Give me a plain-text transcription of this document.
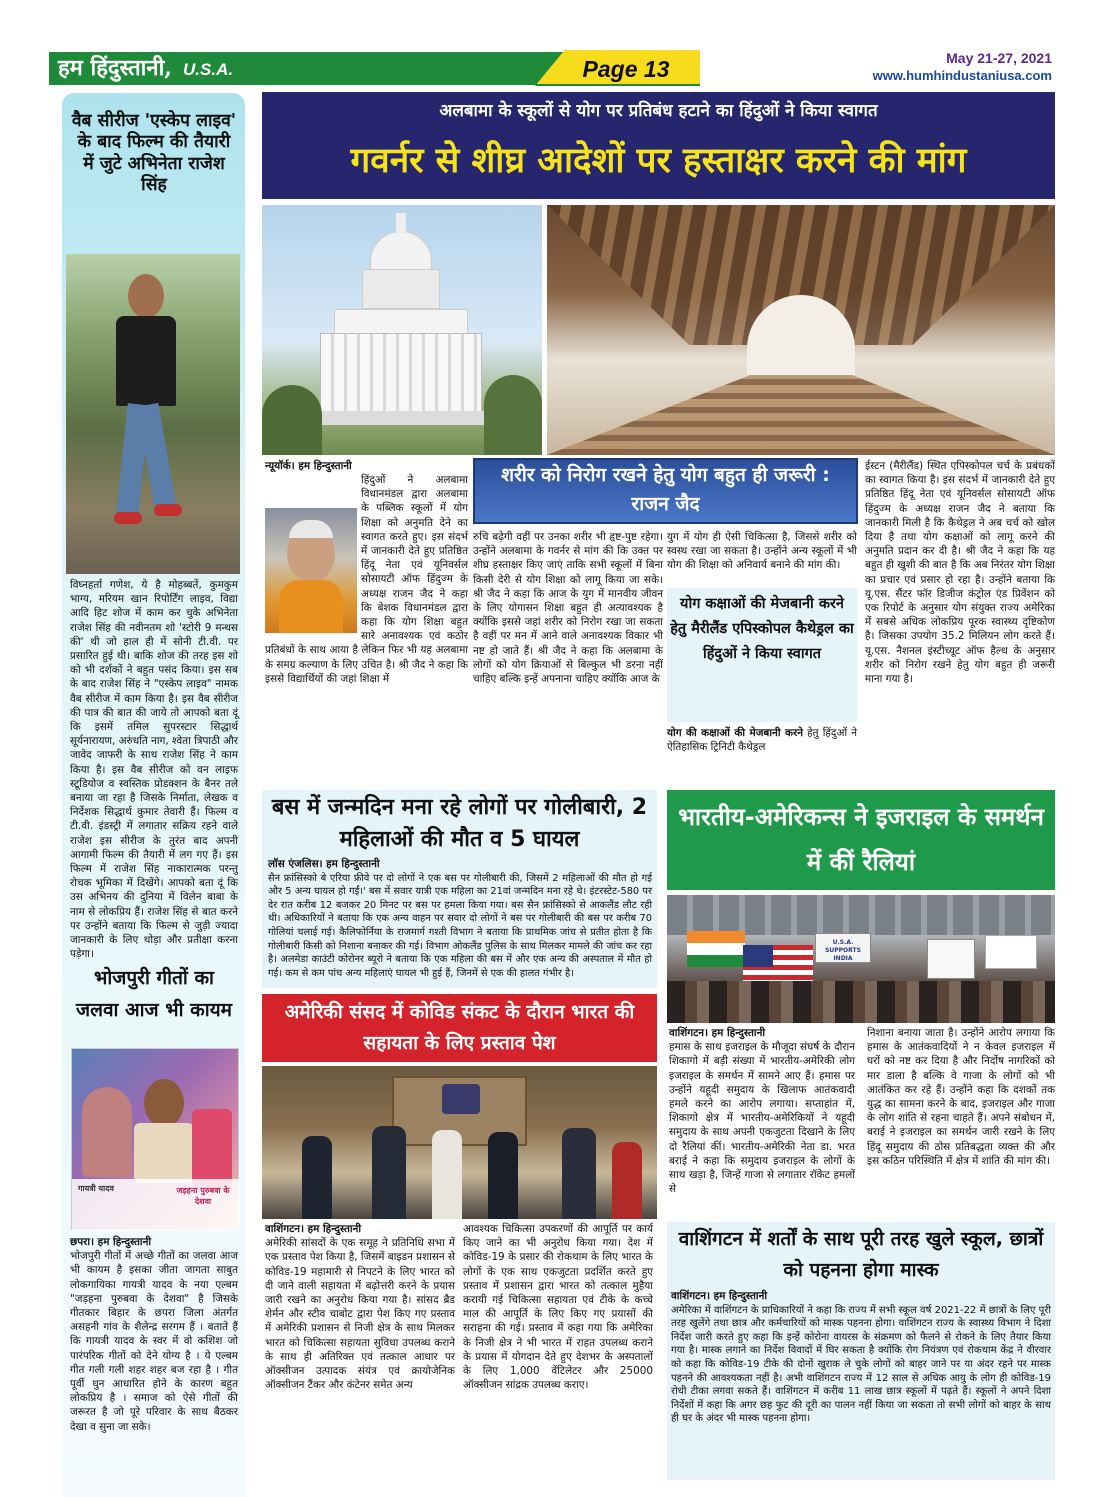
हम हिंदुस्तानी, U.S.A.	Page 13	May 21-27, 2021
www.humhindustaniusa.com
वैब सीरीज 'एस्केप लाइव' के बाद फिल्म की तैयारी में जुटे अभिनेता राजेश सिंह
विघ्नहर्ता गणेश, ये है मोहब्बतें, कुमकुम भाग्य, मरियम खान रिपोर्टिंग लाइव, विद्या आदि हिट शोज में काम कर चुके अभिनेता राजेश सिंह की नवीनतम शो 'स्टोरी 9 मन्थस की' थी जो हाल ही में सोनी टी.वी. पर प्रसारित हुई थी। बाकि शोज की तरह इस शो को भी दर्शकों ने बहुत पसंद किया। इस सब के बाद राजेश सिंह ने "एस्केप लाइव" नामक वैब सीरीज में काम किया है। इस वैब सीरीज की पात्र की बात की जाये तो आपको बता दूं कि इसमें तमिल सुपरस्टार सिद्धार्थ सूर्यनारायण, अरुंधति नाग, श्वेता त्रिपाठी और जावेद जाफरी के साथ राजेश सिंह ने काम किया है। इस वैब सीरीज को वन लाइफ स्टूडियोज व स्वस्तिक प्रोडक्शन के बैनर तले बनाया जा रहा है जिसके निर्माता, लेखक व निर्देशक सिद्धार्थ कुमार तेवारी हैं। फिल्म व टी.वी. इंडस्ट्री में लगातार सक्रिय रहने वाले राजेश इस सीरीज के तुरंत बाद अपनी आगामी फिल्म की तैयारी में लग गए हैं। इस फिल्म में राजेश सिंह नाकारात्मक परन्तु रोचक भूमिका में दिखेंगे। आपको बता दूं कि उस अभिनय की दुनिया में विलेन बाबा के नाम से लोकप्रिय हैं। राजेश सिंह से बात करने पर उन्होंने बताया कि फिल्म से जुड़ी ज्यादा जानकारी के लिए थोड़ा और प्रतीक्षा करना पड़ेगा।
भोजपुरी गीतों का जलवा आज भी कायम
गायत्री यादव	जड़हना पुरुबवा के देशवा
छपरा। हम हिन्दुस्तानी
भोजपुरी गीतों में अच्छे गीतों का जलवा आज भी कायम है इसका जीता जागता साबुत लोकगायिका गायत्री यादव के नया एल्बम "जड़हना पुरुबवा के देशवा" है जिसके गीतकार बिहार के छपरा जिला अंतर्गत असहनी गांव के शैलेन्द्र सरगम हैं । बताते हैं कि गायत्री यादव के स्वर में वो कशिश जो पारंपरिक गीतों को देने योग्य है । ये एल्बम गीत गली गली शहर शहर बज रहा है । गीत पूर्वी धुन आधारित होने के कारण बहुत लोकप्रिय है । समाज को ऐसे गीतों की जरूरत है जो पूरे परिवार के साथ बैठकर देखा व सुना जा सके।
अलबामा के स्कूलों से योग पर प्रतिबंध हटाने का हिंदुओं ने किया स्वागत
गवर्नर से शीघ्र आदेशों पर हस्ताक्षर करने की मांग
न्यूयॉर्क। हम हिन्दुस्तानी
हिंदुओं ने अलबामा विधानमंडल द्वारा अलबामा के पब्लिक स्कूलों में योग शिक्षा को अनुमति देने का स्वागत करते हुए। इस संदर्भ में जानकारी देते हुए प्रतिष्ठित हिंदू नेता एवं यूनिवर्सल सोसायटी ऑफ हिंदुज्म के अध्यक्ष राजन जैद ने कहा कि बेशक विधानमंडल द्वारा कहा कि योग शिक्षा बहुत सारे अनावश्यक एवं कठोर प्रतिबंधों के साथ आया है लेकिन फिर भी यह अलबामा के समग्र कल्याण के लिए उचित है। श्री जैद ने कहा कि इससे विद्यार्थियों की जहां शिक्षा में
शरीर को निरोग रखने हेतु योग बहुत ही जरूरी : राजन जैद
रुचि बढ़ेगी वहीं पर उनका शरीर भी हृष्ट-पुष्ट रहेगा। उन्होंने अलबामा के गवर्नर से मांग की कि उक्त पर शीघ्र हस्ताक्षर किए जाएं ताकि सभी स्कूलों में बिना किसी देरी से योग शिक्षा को लागू किया जा सके। श्री जैद ने कहा कि आज के युग में मानवीय जीवन के लिए योगासन शिक्षा बहुत ही अत्यावश्यक है क्योंकि इससे जहां शरीर को निरोग रखा जा सकता है वहीं पर मन में आने वाले अनावश्यक विकार भी नष्ट हो जाते हैं। श्री जैद ने कहा कि अलबामा के लोगों को योग क्रियाओं से बिल्कुल भी डरना नहीं चाहिए बल्कि इन्हें अपनाना चाहिए क्योंकि आज के
युग में योग ही ऐसी चिकित्सा है, जिससे शरीर को स्वस्थ रखा जा सकता है। उन्होंने अन्य स्कूलों में भी योग की शिक्षा को अनिवार्य बनाने की मांग की।
योग कक्षाओं की मेजबानी करने हेतु मैरीलैंड एपिस्कोपल कैथेड्रल का हिंदुओं ने किया स्वागत
योग की कक्षाओं की मेजबानी करने हेतु हिंदुओं ने ऐतिहासिक ट्रिनिटी कैथेड्रल
ईस्टन (मैरीलैंड) स्थित एपिस्कोपल चर्च के प्रबंधकों का स्वागत किया है। इस संदर्भ में जानकारी देते हुए प्रतिष्ठित हिंदू नेता एवं यूनिवर्सल सोसायटी ऑफ हिंदुज्म के अध्यक्ष राजन जैद ने बताया कि जानकारी मिली है कि कैथेड्रल ने अब चर्च को खोल दिया है तथा योग कक्षाओं को लागू करने की अनुमति प्रदान कर दी है। श्री जैद ने कहा कि यह बहुत ही खुशी की बात है कि अब निरंतर योग शिक्षा का प्रचार एवं प्रसार हो रहा है। उन्होंने बताया कि यू.एस. सैंटर फॉर डिजीज कंट्रोल एंड प्रिवेंशन को एक रिपोर्ट के अनुसार योग संयुक्त राज्य अमेरिका में सबसे अधिक लोकप्रिय पूरक स्वास्थ्य दृष्टिकोण है। जिसका उपयोग 35.2 मिलियन लोग करते हैं। यू.एस. नैशनल इंस्टीच्यूट ऑफ हैल्थ के अनुसार शरीर को निरोग रखने हेतु योग बहुत ही जरूरी माना गया है।
बस में जन्मदिन मना रहे लोगों पर गोलीबारी, 2 महिलाओं की मौत व 5 घायल
लॉस एंजलिस। हम हिन्दुस्तानी
सैन फ्रांसिस्को बे एरिया फ्रीवे पर दो लोगों ने एक बस पर गोलीबारी की, जिसमें 2 महिलाओं की मौत हो गई और 5 अन्य घायल हो गईं।' बस में सवार यात्री एक महिला का 21वां जन्मदिन मना रहे थे। इंटरस्टेट-580 पर देर रात करीब 12 बजकर 20 मिनट पर बस पर हमला किया गया। बस सैन फ्रांसिस्को से आकलैंड लौट रही थी। अधिकारियों ने बताया कि एक अन्य वाहन पर सवार दो लोगों ने बस पर गोलीबारी की बस पर करीब 70 गोलियां चलाई गई। कैलिफोर्निया के राजमार्ग गश्ती विभाग ने बताया कि प्राथमिक जांच से प्रतीत होता है कि गोलीबारी किसी को निशाना बनाकर की गई। विभाग ओकलैंड पुलिस के साथ मिलकर मामले की जांच कर रहा है। अलमेडा काउंटी कोरोनर ब्यूरो ने बताया कि एक महिला की बस में और एक अन्य की अस्पताल में मौत हो गई। कम से कम पांच अन्य महिलाएं घायल भी हुई हैं, जिनमें से एक की हालत गंभीर है।
अमेरिकी संसद में कोविड संकट के दौरान भारत की सहायता के लिए प्रस्ताव पेश
वाशिंगटन। हम हिन्दुस्तानी
अमेरिकी सांसदों के एक समूह ने प्रतिनिधि सभा में एक प्रस्ताव पेश किया है, जिसमें बाइडन प्रशासन से कोविड-19 महामारी से निपटने के लिए भारत को दी जाने वाली सहायता में बढ़ोत्तरी करने के प्रयास जारी रखने का अनुरोध किया गया है। सांसद ब्रैड शेर्मन और स्टीव चाबोट द्वारा पेश किए गए प्रस्ताव में अमेरिकी प्रशासन से निजी क्षेत्र के साथ मिलकर भारत को चिकित्सा सहायता सुविधा उपलब्ध कराने के साथ ही अतिरिक्त एवं तत्काल आधार पर ऑक्सीजन उत्पादक संयंत्र एवं क्रायोजेनिक ऑक्सीजन टैंकर और कंटेनर समेत अन्य
आवश्यक चिकित्सा उपकरणों की आपूर्ति पर कार्य किए जाने का भी अनुरोध किया गया। देश में कोविड-19 के प्रसार की रोकथाम के लिए भारत के लोगों के एक साथ एकजुटता प्रदर्शित करते हुए प्रस्ताव में प्रशासन द्वारा भारत को तत्काल मुहैया करायी गई चिकित्सा सहायता एवं टीके के कच्चे माल की आपूर्ति के लिए किए गए प्रयासों की सराहना की गई। प्रस्ताव में कहा गया कि अमेरिका के निजी क्षेत्र ने भी भारत में राहत उपलब्ध कराने के प्रयास में योगदान देते हुए देशभर के अस्पतालों के लिए 1,000 वेंटिलेटर और 25000 ऑक्सीजन सांद्रक उपलब्ध कराए।
भारतीय-अमेरिकन्स ने इजराइल के समर्थन में कीं रैलियां
U.S.A. SUPPORTS INDIA
वाशिंगटन। हम हिन्दुस्तानी
हमास के साथ इजराइल के मौजूदा संघर्ष के दौरान शिकागो में बड़ी संख्या में भारतीय-अमेरिकी लोग इजराइल के समर्थन में सामने आए हैं। हमास पर उन्होंने यहूदी समुदाय के खिलाफ आतंकवादी हमले करने का आरोप लगाया। सप्ताहांत में, शिकागो क्षेत्र में भारतीय-अमेरिकियों ने यहूदी समुदाय के साथ अपनी एकजुटता दिखाने के लिए दो रैलियां कीं। भारतीय-अमेरिकी नेता डा. भरत बराई ने कहा कि समुदाय इजराइल के लोगों के साथ खड़ा है, जिन्हें गाजा से लगातार रॉकेट हमलों से
निशाना बनाया जाता है। उन्होंने आरोप लगाया कि हमास के आतंकवादियों ने न केवल इजराइल में घरों को नष्ट कर दिया है और निर्दोष नागरिकों को मार डाला है बल्कि वे गाजा के लोगों को भी आतंकित कर रहे हैं। उन्होंने कहा कि दशकों तक युद्ध का सामना करने के बाद, इजराइल और गाजा के लोग शांति से रहना चाहते हैं। अपने संबोधन में, बराई ने इजराइल का समर्थन जारी रखने के लिए हिंदू समुदाय की ठोस प्रतिबद्धता व्यक्त की और इस कठिन परिस्थिति में क्षेत्र में शांति की मांग की।
वाशिंगटन में शर्तों के साथ पूरी तरह खुले स्कूल, छात्रों को पहनना होगा मास्क
वाशिंगटन। हम हिन्दुस्तानी
अमेरिका में वाशिंगटन के प्राधिकारियों ने कहा कि राज्य में सभी स्कूल वर्ष 2021-22 में छात्रों के लिए पूरी तरह खुलेंगे तथा छात्र और कर्मचारियों को मास्क पहनना होगा। वाशिंगटन राज्य के स्वास्थ्य विभाग ने दिशा निर्देश जारी करते हुए कहा कि इन्हें कोरोना वायरस के संक्रमण को फैलने से रोकने के लिए तैयार किया गया है। मास्क लगाने का निर्देश विवादों में घिर सकता है क्योंकि रोग नियंत्रण एवं रोकथाम केंद्र ने वीरवार को कहा कि कोविड-19 टीके की दोनों खुराक ले चुके लोगों को बाहर जाने पर या अंदर रहने पर मास्क पहनने की आवश्यकता नहीं है। अभी वाशिंगटन राज्य में 12 साल से अधिक आयु के लोग ही कोविड-19 रोधी टीका लगवा सकते हैं। वाशिंगटन में करीब 11 लाख छात्र स्कूलों में पढ़ते हैं। स्कूलों ने अपने दिशा निर्देशों में कहा कि अगर छह फुट की दूरी का पालन नहीं किया जा सकता तो सभी लोगों को बाहर के साथ ही घर के अंदर भी मास्क पहनना होगा।
